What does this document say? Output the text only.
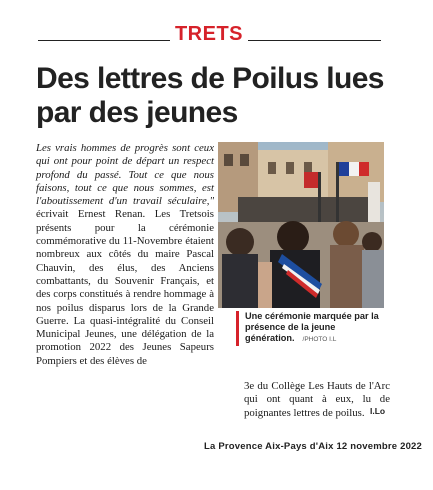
TRETS
Des lettres de Poilus lues par des jeunes

Les vrais hommes de progrès sont ceux qui ont pour point de départ un respect profond du passé. Tout ce que nous faisons, tout ce que nous sommes, est l'aboutissement d'un travail séculaire," écrivait Ernest Renan. Les Tretsois présents pour la cérémonie commémorative du 11-Novembre étaient nombreux aux côtés du maire Pascal Chauvin, des élus, des Anciens combattants, du Souvenir Français, et des corps constitués à rendre hommage à nos poilus disparus lors de la Grande Guerre. La quasi-intégralité du Conseil Municipal Jeunes, une délégation de la promotion 2022 des Jeunes Sapeurs Pompiers et des élèves de

Une cérémonie marquée par la présence de la jeune génération. /PHOTO I.L

3e du Collège Les Hauts de l'Arc qui ont quant à eux, lu de poignantes lettres de poilus. I.Lo
La Provence Aix-Pays d'Aix 12 novembre 2022
